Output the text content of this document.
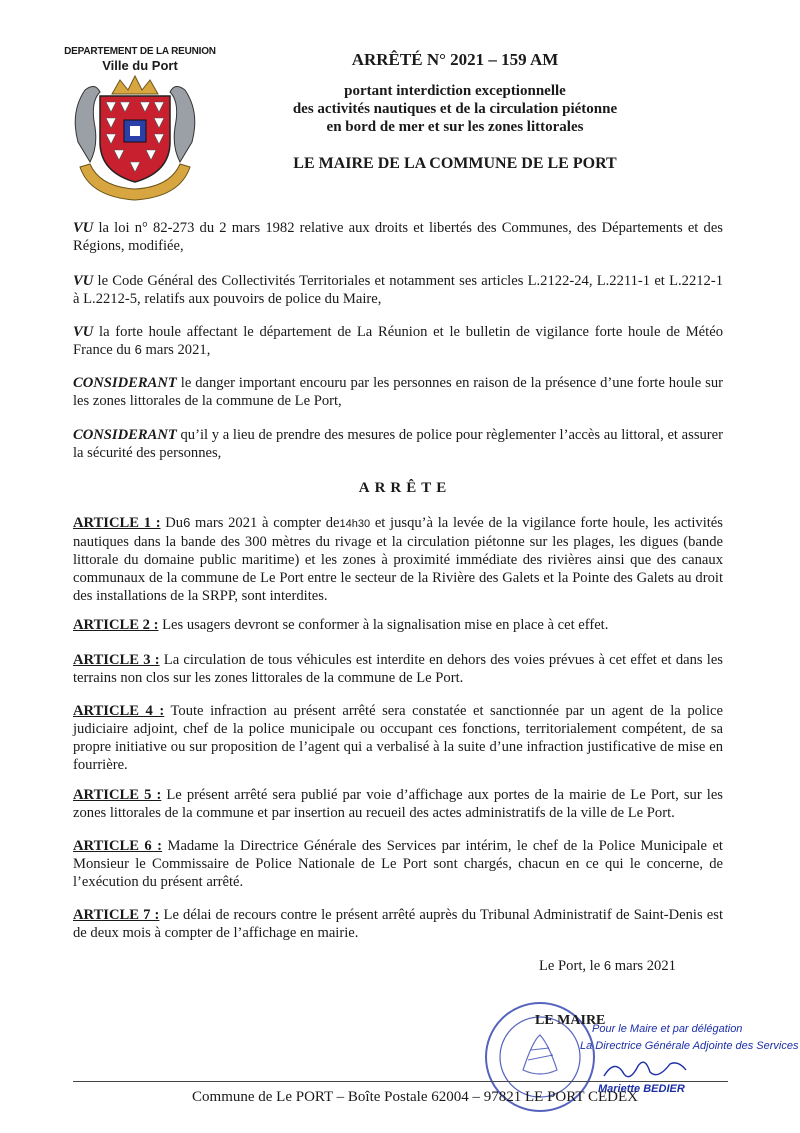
DEPARTEMENT DE LA REUNION
Ville du Port	ARRÊTÉ N° 2021 – 159 AM
portant interdiction exceptionnelle
des activités nautiques et de la circulation piétonne
en bord de mer et sur les zones littorales
LE MAIRE DE LA COMMUNE DE LE PORT
VU la loi n° 82-273 du 2 mars 1982 relative aux droits et libertés des Communes, des Départements et des Régions, modifiée,
VU le Code Général des Collectivités Territoriales et notamment ses articles L.2122-24, L.2211-1 et L.2212-1 à L.2212-5, relatifs aux pouvoirs de police du Maire,
VU la forte houle affectant le département de La Réunion et le bulletin de vigilance forte houle de Météo France du 6 mars 2021,
CONSIDERANT le danger important encouru par les personnes en raison de la présence d’une forte houle sur les zones littorales de la commune de Le Port,
CONSIDERANT qu’il y a lieu de prendre des mesures de police pour règlementer l’accès au littoral, et assurer la sécurité des personnes,
ARRÊTE
ARTICLE 1 : Du6 mars 2021 à compter de14h30 et jusqu’à la levée de la vigilance forte houle, les activités nautiques dans la bande des 300 mètres du rivage et la circulation piétonne sur les plages, les digues (bande littorale du domaine public maritime) et les zones à proximité immédiate des rivières ainsi que des canaux communaux de la commune de Le Port entre le secteur de la Rivière des Galets et la Pointe des Galets au droit des installations de la SRPP, sont interdites.
ARTICLE 2 : Les usagers devront se conformer à la signalisation mise en place à cet effet.
ARTICLE 3 : La circulation de tous véhicules est interdite en dehors des voies prévues à cet effet et dans les terrains non clos sur les zones littorales de la commune de Le Port.
ARTICLE 4 : Toute infraction au présent arrêté sera constatée et sanctionnée par un agent de la police judiciaire adjoint, chef de la police municipale ou occupant ces fonctions, territorialement compétent, de sa propre initiative ou sur proposition de l’agent qui a verbalisé à la suite d’une infraction justificative de mise en fourrière.
ARTICLE 5 : Le présent arrêté sera publié par voie d’affichage aux portes de la mairie de Le Port, sur les zones littorales de la commune et par insertion au recueil des actes administratifs de la ville de Le Port.
ARTICLE 6 : Madame la Directrice Générale des Services par intérim, le chef de la Police Municipale et Monsieur le Commissaire de Police Nationale de Le Port sont chargés, chacun en ce qui le concerne, de l’exécution du présent arrêté.
ARTICLE 7 : Le délai de recours contre le présent arrêté auprès du Tribunal Administratif de Saint-Denis est de deux mois à compter de l’affichage en mairie.
Le Port, le 6 mars 2021
LE MAIRE
Pour le Maire et par délégation
La Directrice Générale Adjointe des Services
Mariette BEDIER
Commune de Le PORT – Boîte Postale 62004 – 97821 LE PORT CEDEX
